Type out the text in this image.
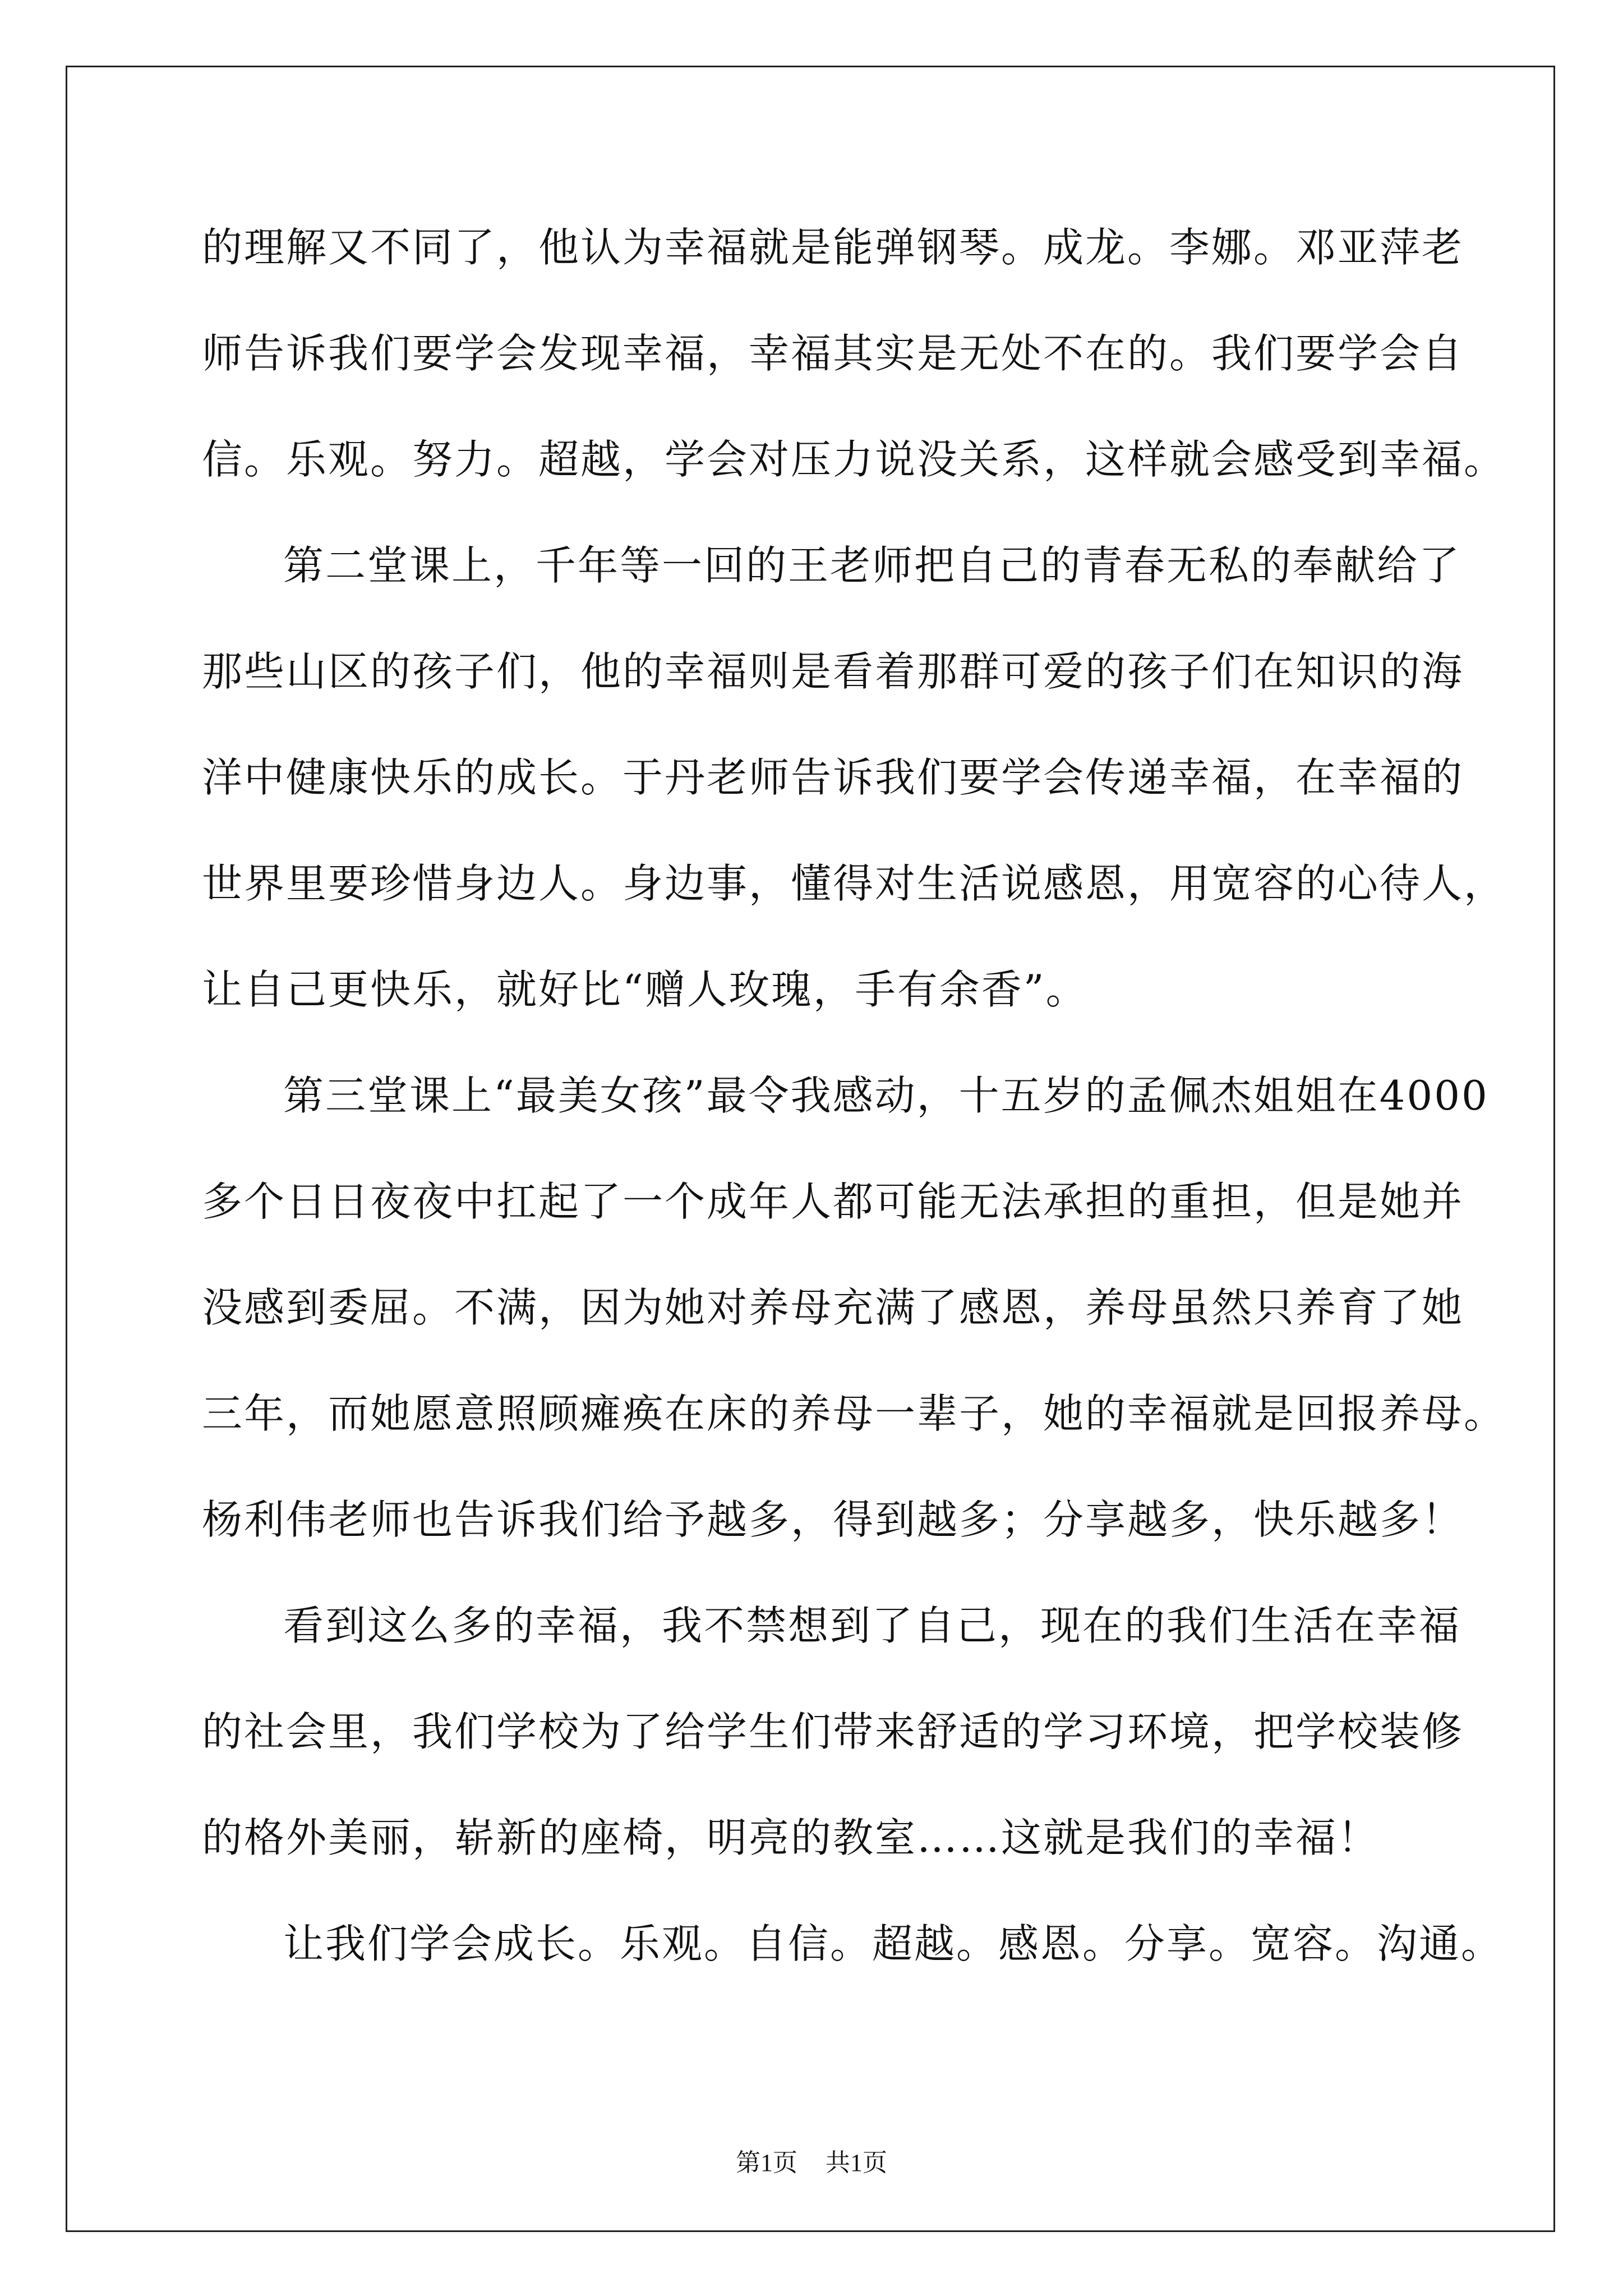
的理解又不同了，他认为幸福就是能弹钢琴。成龙。李娜。邓亚萍老
师告诉我们要学会发现幸福，幸福其实是无处不在的。我们要学会自
信。乐观。努力。超越，学会对压力说没关系，这样就会感受到幸福。
第二堂课上，千年等一回的王老师把自己的青春无私的奉献给了
那些山区的孩子们，他的幸福则是看着那群可爱的孩子们在知识的海
洋中健康快乐的成长。于丹老师告诉我们要学会传递幸福，在幸福的
世界里要珍惜身边人。身边事，懂得对生活说感恩，用宽容的心待人，
让自己更快乐，就好比“赠人玫瑰，手有余香”。
第三堂课上“最美女孩”最令我感动，十五岁的孟佩杰姐姐在4000
多个日日夜夜中扛起了一个成年人都可能无法承担的重担，但是她并
没感到委屈。不满，因为她对养母充满了感恩，养母虽然只养育了她
三年，而她愿意照顾瘫痪在床的养母一辈子，她的幸福就是回报养母。
杨利伟老师也告诉我们给予越多，得到越多；分享越多，快乐越多！
看到这么多的幸福，我不禁想到了自己，现在的我们生活在幸福
的社会里，我们学校为了给学生们带来舒适的学习环境，把学校装修
的格外美丽，崭新的座椅，明亮的教室……这就是我们的幸福！
让我们学会成长。乐观。自信。超越。感恩。分享。宽容。沟通。
第1页 共1页
